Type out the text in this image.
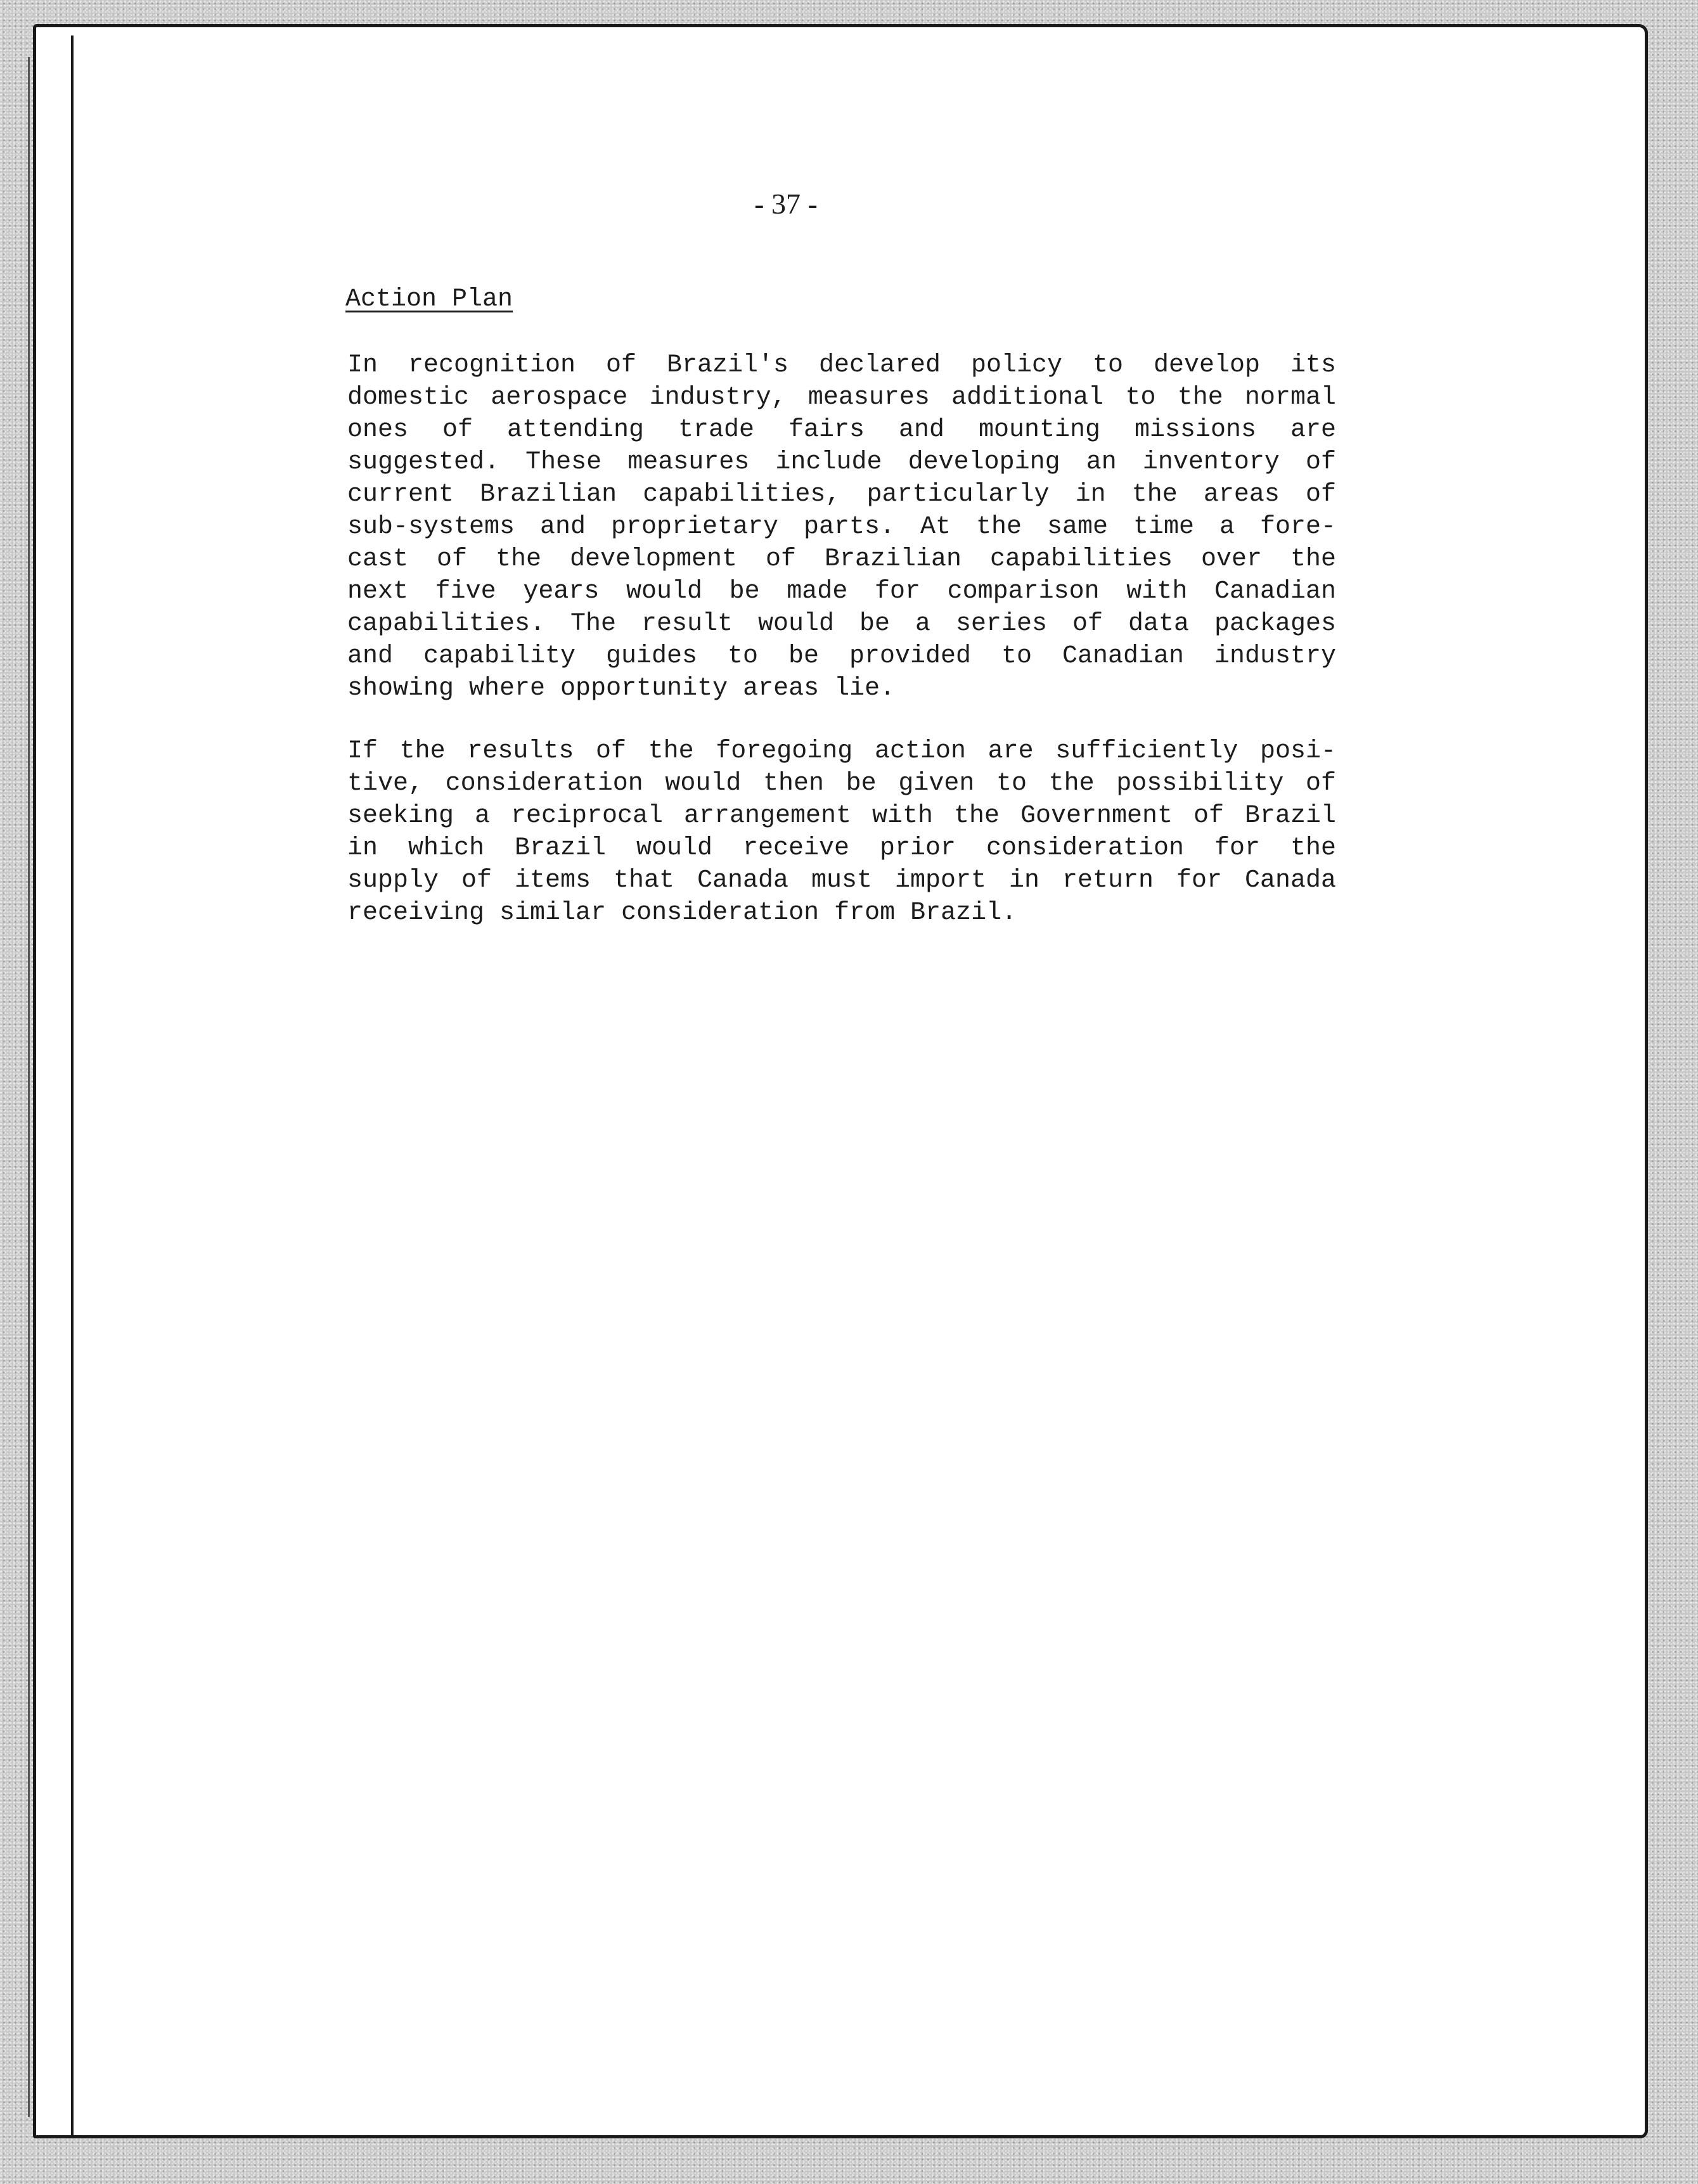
- 37 -
Action Plan

In recognition of Brazil's declared policy to develop its
domestic aerospace industry, measures additional to the normal
ones of attending trade fairs and mounting missions are
suggested. These measures include developing an inventory of
current Brazilian capabilities, particularly in the areas of
sub-systems and proprietary parts. At the same time a fore-
cast of the development of Brazilian capabilities over the
next five years would be made for comparison with Canadian
capabilities. The result would be a series of data packages
and capability guides to be provided to Canadian industry
showing where opportunity areas lie.

If the results of the foregoing action are sufficiently posi-
tive, consideration would then be given to the possibility of
seeking a reciprocal arrangement with the Government of Brazil
in which Brazil would receive prior consideration for the
supply of items that Canada must import in return for Canada
receiving similar consideration from Brazil.
